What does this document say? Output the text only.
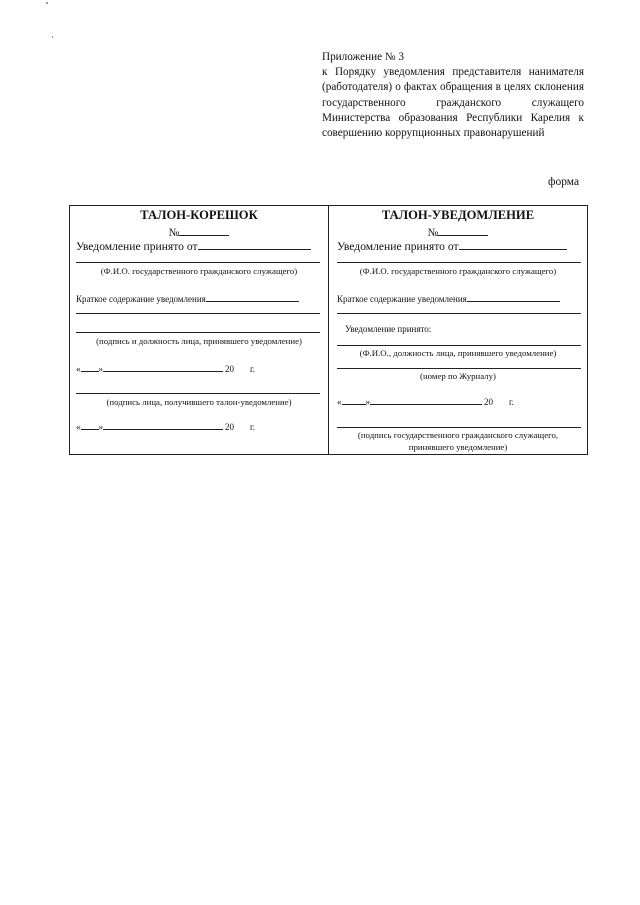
Приложение № 3
к Порядку уведомления представителя нанимателя (работодателя) о фактах обращения в целях склонения государственного гражданского служащего Министерства образования Республики Карелия к совершению коррупционных правонарушений
форма
ТАЛОН-КОРЕШОК
№
Уведомление принято от
(Ф.И.О. государственного гражданского служащего)
Краткое содержание уведомления
(подпись и должность лица, принявшего уведомление)
« »	20 г.
(подпись лица, получившего талон-уведомление)
« »	20 г.
ТАЛОН-УВЕДОМЛЕНИЕ
№
Уведомление принято от
(Ф.И.О. государственного гражданского служащего)
Краткое содержание уведомления
Уведомление принято:
(Ф.И.О., должность лица, принявшего уведомление)
(номер по Журналу)
«	»	20 г.
(подпись государственного гражданского служащего,
принявшего уведомление)
